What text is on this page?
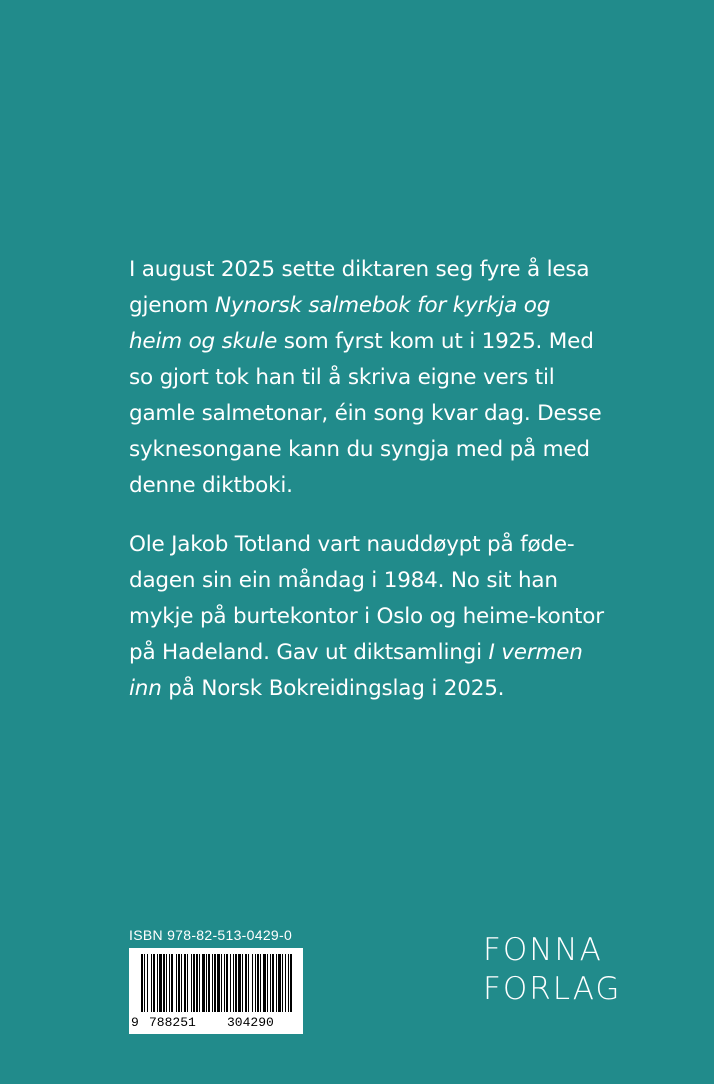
I august 2025 sette diktaren seg fyre å lesa gjenom Nynorsk salmebok for kyrkja og heim og skule som fyrst kom ut i 1925. Med so gjort tok han til å skriva eigne vers til gamle salmetonar, éin song kvar dag. Desse syknesongane kann du syngja med på med denne diktboki.

Ole Jakob Totland vart nauddøypt på føde-dagen sin ein måndag i 1984. No sit han mykje på burtekontor i Oslo og heime-kontor på Hadeland. Gav ut diktsamlingi I vermen inn på Norsk Bokreidingslag i 2025.

ISBN 978-82-513-0429-0
9 788251 304290
FONNA
FORLAG
